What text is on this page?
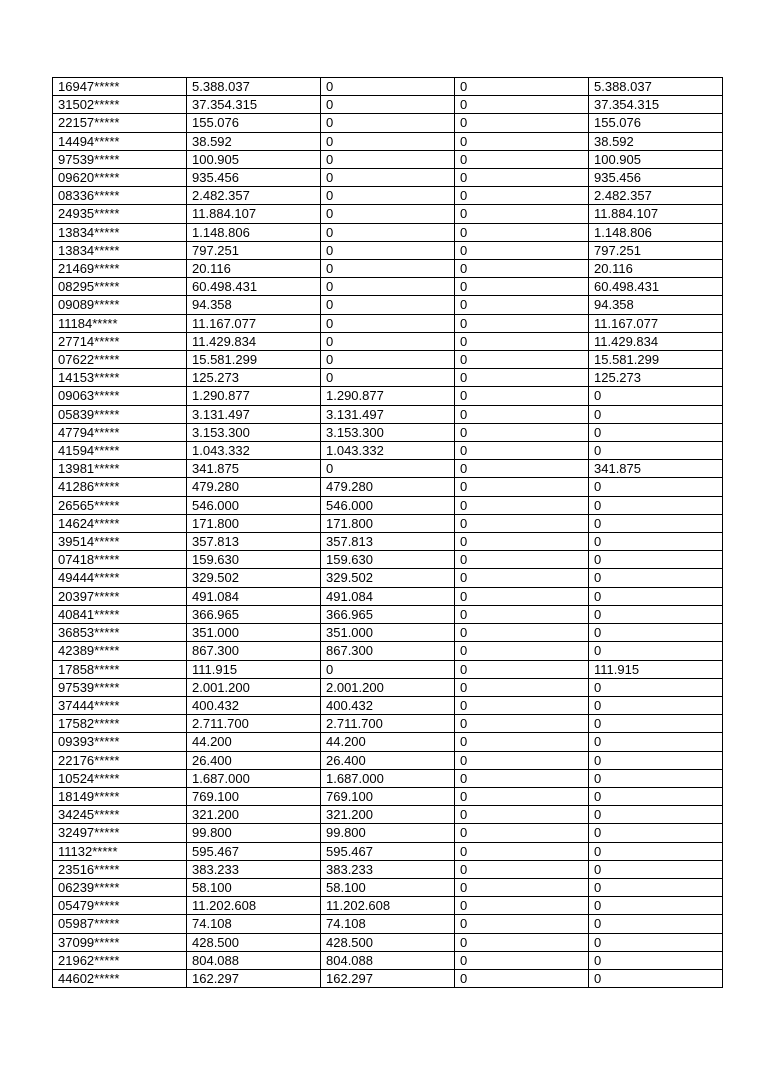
16947*****	5.388.037	0	0	5.388.037
31502*****	37.354.315	0	0	37.354.315
22157*****	155.076	0	0	155.076
14494*****	38.592	0	0	38.592
97539*****	100.905	0	0	100.905
09620*****	935.456	0	0	935.456
08336*****	2.482.357	0	0	2.482.357
24935*****	11.884.107	0	0	11.884.107
13834*****	1.148.806	0	0	1.148.806
13834*****	797.251	0	0	797.251
21469*****	20.116	0	0	20.116
08295*****	60.498.431	0	0	60.498.431
09089*****	94.358	0	0	94.358
11184*****	11.167.077	0	0	11.167.077
27714*****	11.429.834	0	0	11.429.834
07622*****	15.581.299	0	0	15.581.299
14153*****	125.273	0	0	125.273
09063*****	1.290.877	1.290.877	0	0
05839*****	3.131.497	3.131.497	0	0
47794*****	3.153.300	3.153.300	0	0
41594*****	1.043.332	1.043.332	0	0
13981*****	341.875	0	0	341.875
41286*****	479.280	479.280	0	0
26565*****	546.000	546.000	0	0
14624*****	171.800	171.800	0	0
39514*****	357.813	357.813	0	0
07418*****	159.630	159.630	0	0
49444*****	329.502	329.502	0	0
20397*****	491.084	491.084	0	0
40841*****	366.965	366.965	0	0
36853*****	351.000	351.000	0	0
42389*****	867.300	867.300	0	0
17858*****	111.915	0	0	111.915
97539*****	2.001.200	2.001.200	0	0
37444*****	400.432	400.432	0	0
17582*****	2.711.700	2.711.700	0	0
09393*****	44.200	44.200	0	0
22176*****	26.400	26.400	0	0
10524*****	1.687.000	1.687.000	0	0
18149*****	769.100	769.100	0	0
34245*****	321.200	321.200	0	0
32497*****	99.800	99.800	0	0
11132*****	595.467	595.467	0	0
23516*****	383.233	383.233	0	0
06239*****	58.100	58.100	0	0
05479*****	11.202.608	11.202.608	0	0
05987*****	74.108	74.108	0	0
37099*****	428.500	428.500	0	0
21962*****	804.088	804.088	0	0
44602*****	162.297	162.297	0	0
